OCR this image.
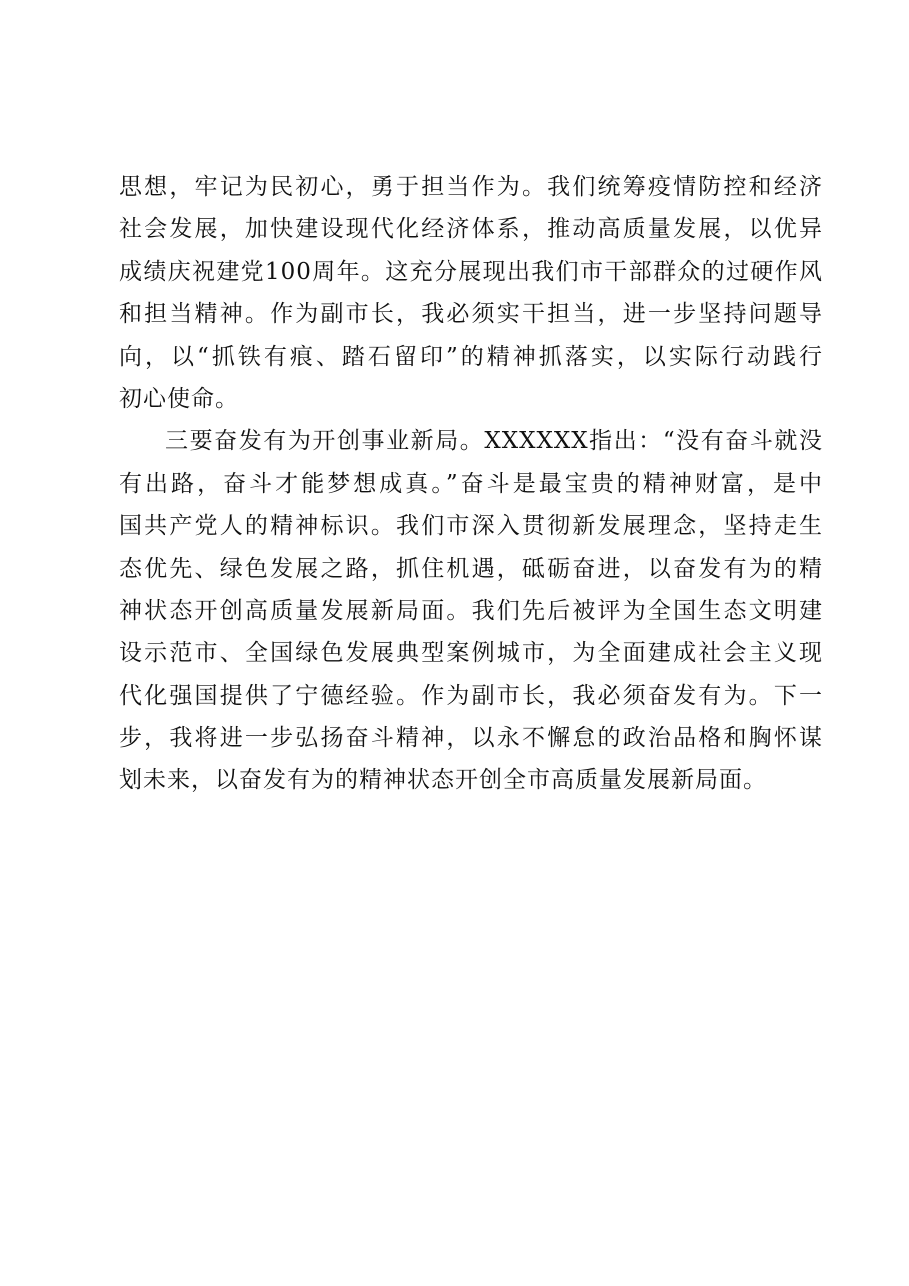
思想，牢记为民初心，勇于担当作为。我们统筹疫情防控和经济
社会发展，加快建设现代化经济体系，推动高质量发展，以优异
成绩庆祝建党100周年。这充分展现出我们市干部群众的过硬作风
和担当精神。作为副市长，我必须实干担当，进一步坚持问题导
向，以“抓铁有痕、踏石留印”的精神抓落实，以实际行动践行
初心使命。
三要奋发有为开创事业新局。XXXXXX指出：“没有奋斗就没
有出路，奋斗才能梦想成真。”奋斗是最宝贵的精神财富，是中
国共产党人的精神标识。我们市深入贯彻新发展理念，坚持走生
态优先、绿色发展之路，抓住机遇，砥砺奋进，以奋发有为的精
神状态开创高质量发展新局面。我们先后被评为全国生态文明建
设示范市、全国绿色发展典型案例城市，为全面建成社会主义现
代化强国提供了宁德经验。作为副市长，我必须奋发有为。下一
步，我将进一步弘扬奋斗精神，以永不懈怠的政治品格和胸怀谋
划未来，以奋发有为的精神状态开创全市高质量发展新局面。
